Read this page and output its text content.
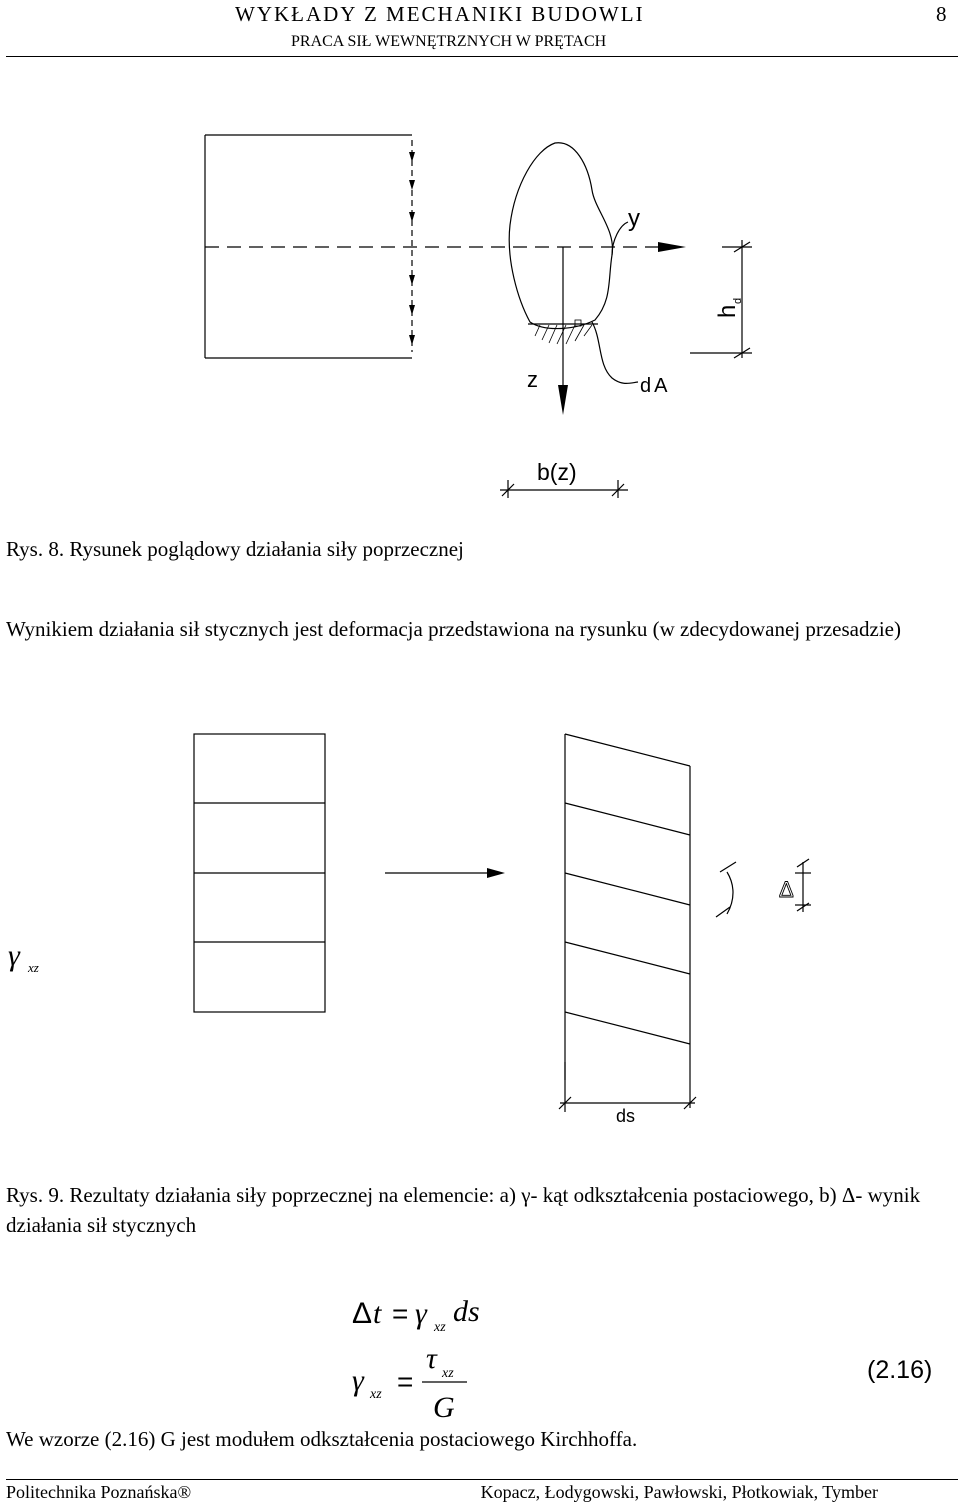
WYKŁADY Z MECHANIKI BUDOWLI
PRACA SIŁ WEWNĘTRZNYCH W PRĘTACH
8
y
z	dA
h
d
b(z)
Rys. 8. Rysunek poglądowy działania siły poprzecznej
Wynikiem działania sił stycznych jest deformacja przedstawiona na rysunku (w zdecydowanej przesadzie)
Δ
ds
γ xz
Rys. 9. Rezultaty działania siły poprzecznej na elemencie: a) γ- kąt odkształcenia postaciowego, b) Δ- wynik działania sił stycznych
Δ t = γ xz ds
γ xz =
τ xz
G
(2.16)
We wzorze (2.16) G jest modułem odkształcenia postaciowego Kirchhoffa.
Politechnika Poznańska®	Kopacz, Łodygowski, Pawłowski, Płotkowiak, Tymber
